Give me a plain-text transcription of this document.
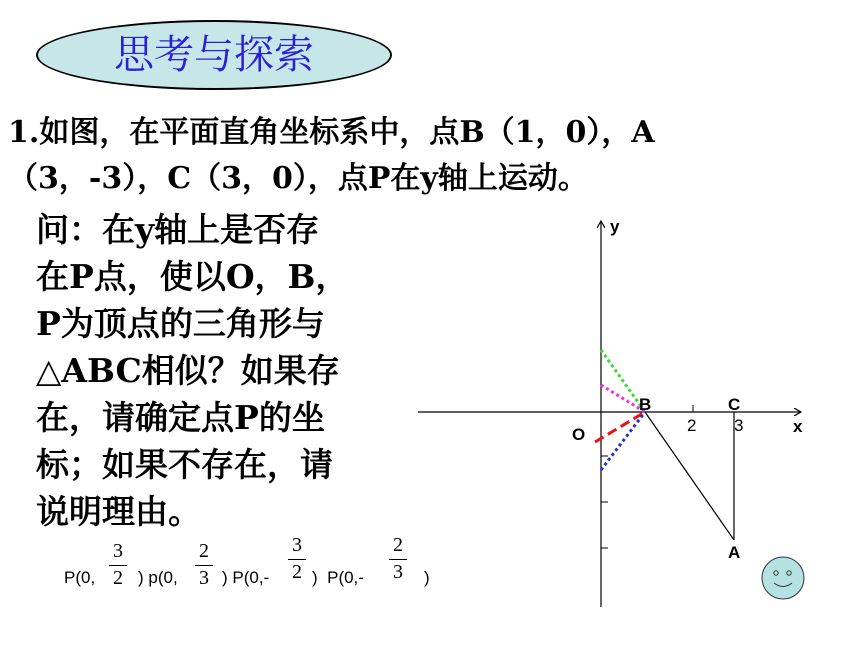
思考与探索
1.如图，在平面直角坐标系中，点B（1，0），A
（3，-3），C（3，0），点P在y轴上运动。
问：在y轴上是否存
在P点，使以O，B，
P为顶点的三角形与
△ABC相似？如果存
在，请确定点P的坐
标；如果不存在，请
说明理由。
P(0,
3
2 ) p(0,
2
3 ) P(0,-
3
2 )  P(0,-
2
3 )
y
x
O
B	C
A
2 3
